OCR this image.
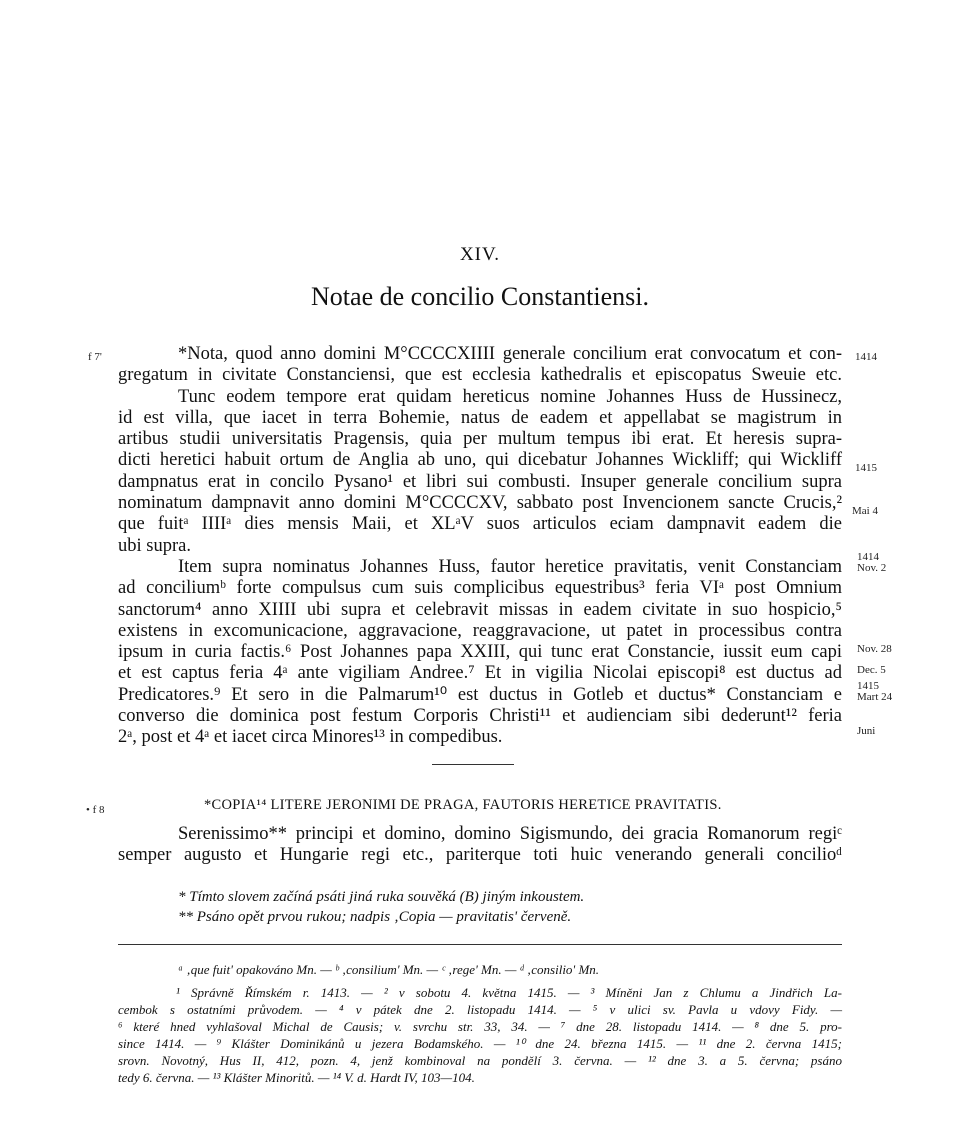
XIV.
Notae de concilio Constantiensi.
f 7'	1414
1415
Mai 4
1414
Nov. 2
Nov. 28
Dec. 5
1415
Mart 24
Juni
• f 8
*Nota, quod anno domini M°CCCCXIIII generale concilium erat convocatum et con-
gregatum in civitate Constanciensi, que est ecclesia kathedralis et episcopatus Sweuie etc.
Tunc eodem tempore erat quidam hereticus nomine Johannes Huss de Hussinecz,
id est villa, que iacet in terra Bohemie, natus de eadem et appellabat se magistrum in
artibus studii universitatis Pragensis, quia per multum tempus ibi erat. Et heresis supra-
dicti heretici habuit ortum de Anglia ab uno, qui dicebatur Johannes Wickliff; qui Wickliff
dampnatus erat in concilo Pysano¹ et libri sui combusti. Insuper generale concilium supra
nominatum dampnavit anno domini M°CCCCXV, sabbato post Invencionem sancte Crucis,²
que fuitᵃ IIIIᵃ dies mensis Maii, et XLᵃV suos articulos eciam dampnavit eadem die
ubi supra.
Item supra nominatus Johannes Huss, fautor heretice pravitatis, venit Constanciam
ad conciliumᵇ forte compulsus cum suis complicibus equestribus³ feria VIᵃ post Omnium
sanctorum⁴ anno XIIII ubi supra et celebravit missas in eadem civitate in suo hospicio,⁵
existens in excomunicacione, aggravacione, reaggravacione, ut patet in processibus contra
ipsum in curia factis.⁶ Post Johannes papa XXIII, qui tunc erat Constancie, iussit eum capi
et est captus feria 4ᵃ ante vigiliam Andree.⁷ Et in vigilia Nicolai episcopi⁸ est ductus ad
Predicatores.⁹ Et sero in die Palmarum¹⁰ est ductus in Gotleb et ductus* Constanciam e
converso die dominica post festum Corporis Christi¹¹ et audienciam sibi dederunt¹² feria
2ᵃ, post et 4ᵃ et iacet circa Minores¹³ in compedibus.
*COPIA¹⁴ LITERE JERONIMI DE PRAGA, FAUTORIS HERETICE PRAVITATIS.
Serenissimo** principi et domino, domino Sigismundo, dei gracia Romanorum regiᶜ
semper augusto et Hungarie regi etc., pariterque toti huic venerando generali concilioᵈ
* Tímto slovem začíná psáti jiná ruka souvěká (B) jiným inkoustem.
** Psáno opět prvou rukou; nadpis ‚Copia — pravitatis' červeně.
ᵃ ‚que fuit' opakováno Mn. — ᵇ ‚consilium' Mn. — ᶜ ‚rege' Mn. — ᵈ ‚consilio' Mn.
¹ Správně Římském r. 1413. — ² v sobotu 4. května 1415. — ³ Míněni Jan z Chlumu a Jindřich La-
cembok s ostatními průvodem. — ⁴ v pátek dne 2. listopadu 1414. — ⁵ v ulici sv. Pavla u vdovy Fidy. —
⁶ které hned vyhlašoval Michal de Causis; v. svrchu str. 33, 34. — ⁷ dne 28. listopadu 1414. — ⁸ dne 5. pro-
since 1414. — ⁹ Klášter Dominikánů u jezera Bodamského. — ¹⁰ dne 24. března 1415. — ¹¹ dne 2. června 1415;
srovn. Novotný, Hus II, 412, pozn. 4, jenž kombinoval na pondělí 3. června. — ¹² dne 3. a 5. června; psáno
tedy 6. června. — ¹³ Klášter Minoritů. — ¹⁴ V. d. Hardt IV, 103—104.
